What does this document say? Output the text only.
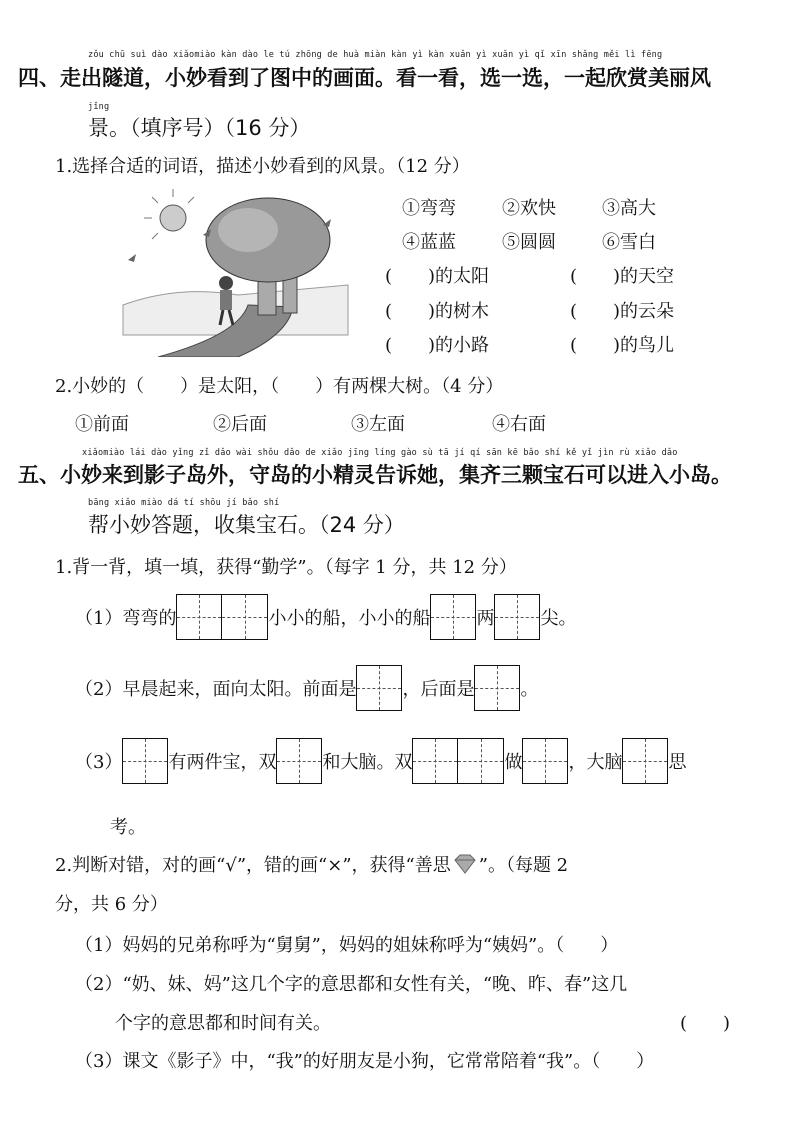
zǒu chū suì dào xiǎomiào kàn dào le tú zhōng de huà miàn kàn yì kàn xuǎn yì xuǎn yì qǐ xīn shǎng měi lì fēng
四、走出隧道，小妙看到了图中的画面。看一看，选一选，一起欣赏美丽风
jǐng
景。（填序号）（16 分）
1.选择合适的词语，描述小妙看到的风景。（12 分）
①弯弯	②欢快	③高大
④蓝蓝	⑤圆圆	⑥雪白
(　　)的太阳	(　　)的天空
(　　)的树木	(　　)的云朵
(　　)的小路	(　　)的鸟儿
2.小妙的（　　）是太阳，（　　）有两棵大树。（4 分）
①前面	②后面	③左面	④右面
xiǎomiào lái dào yǐng zǐ dǎo wài shǒu dǎo de xiǎo jīng líng gào sù tā jí qí sān kē bǎo shí kě yǐ jìn rù xiǎo dǎo
五、小妙来到影子岛外，守岛的小精灵告诉她，集齐三颗宝石可以进入小岛。
bāng xiǎo miào dá tí shōu jí bǎo shí
帮小妙答题，收集宝石。（24 分）
1.背一背，填一填，获得“勤学”。（每字 1 分，共 12 分）
（1）弯弯的	小小的船，小小的船	两	尖。
（2）早晨起来，面向太阳。前面是	，后面是	。
（3）	有两件宝，双	和大脑。双	做	，大脑	思
考。
2.判断对错，对的画“√”，错的画“×”，获得“善思 ”。（每题 2
分，共 6 分）
（1）妈妈的兄弟称呼为“舅舅”，妈妈的姐妹称呼为“姨妈”。（　　）
（2）“奶、妹、妈”这几个字的意思都和女性有关，“晚、昨、春”这几
个字的意思都和时间有关。	(　　)
（3）课文《影子》中，“我”的好朋友是小狗，它常常陪着“我”。（　　）
